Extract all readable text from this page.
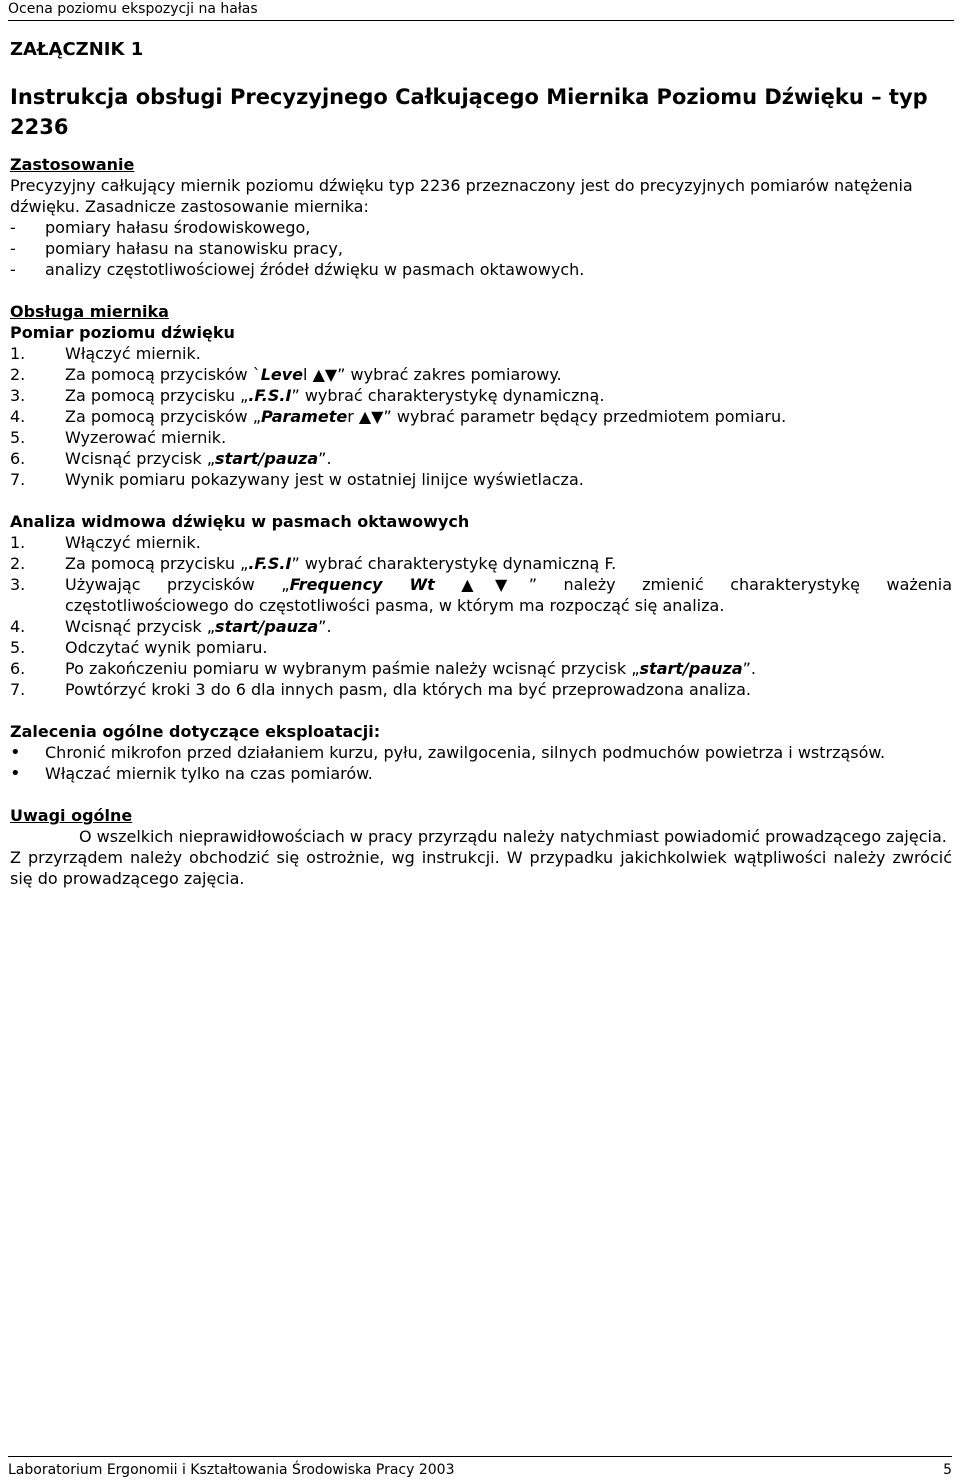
Ocena poziomu ekspozycji na hałas

ZAŁĄCZNIK 1

Instrukcja obsługi Precyzyjnego Całkującego Miernika Poziomu Dźwięku – typ 2236

Zastosowanie

Precyzyjny całkujący miernik poziomu dźwięku typ 2236 przeznaczony jest do precyzyjnych pomiarów natężenia dźwięku. Zasadnicze zastosowanie miernika:

-	pomiary hałasu środowiskowego,
-	pomiary hałasu na stanowisku pracy,
-	analizy częstotliwościowej źródeł dźwięku w pasmach oktawowych.

Obsługa miernika

Pomiar poziomu dźwięku

1.	Włączyć miernik.
2.	Za pomocą przycisków `Level ▲▼” wybrać zakres pomiarowy.
3.	Za pomocą przycisku „.F.S.I” wybrać charakterystykę dynamiczną.
4.	Za pomocą przycisków „Parameter ▲▼” wybrać parametr będący przedmiotem pomiaru.
5.	Wyzerować miernik.
6.	Wcisnąć przycisk „start/pauza”.
7.	Wynik pomiaru pokazywany jest w ostatniej linijce wyświetlacza.

Analiza widmowa dźwięku w pasmach oktawowych

1.	Włączyć miernik.
2.	Za pomocą przycisku „.F.S.I” wybrać charakterystykę dynamiczną F.
3.	Używając przycisków „Frequency Wt ▲▼” należy zmienić charakterystykę ważenia
częstotliwościowego do częstotliwości pasma, w którym ma rozpocząć się analiza.
4.	Wcisnąć przycisk „start/pauza”.
5.	Odczytać wynik pomiaru.
6.	Po zakończeniu pomiaru w wybranym paśmie należy wcisnąć przycisk „start/pauza”.
7.	Powtórzyć kroki 3 do 6 dla innych pasm, dla których ma być przeprowadzona analiza.

Zalecenia ogólne dotyczące eksploatacji:

•	Chronić mikrofon przed działaniem kurzu, pyłu, zawilgocenia, silnych podmuchów powietrza i wstrząsów.
•	Włączać miernik tylko na czas pomiarów.

Uwagi ogólne

O wszelkich nieprawidłowościach w pracy przyrządu należy natychmiast powiadomić prowadzącego zajęcia.

Z przyrządem należy obchodzić się ostrożnie, wg instrukcji. W przypadku jakichkolwiek wątpliwości należy zwrócić się do prowadzącego zajęcia.

Laboratorium Ergonomii i Kształtowania Środowiska Pracy 2003	5
